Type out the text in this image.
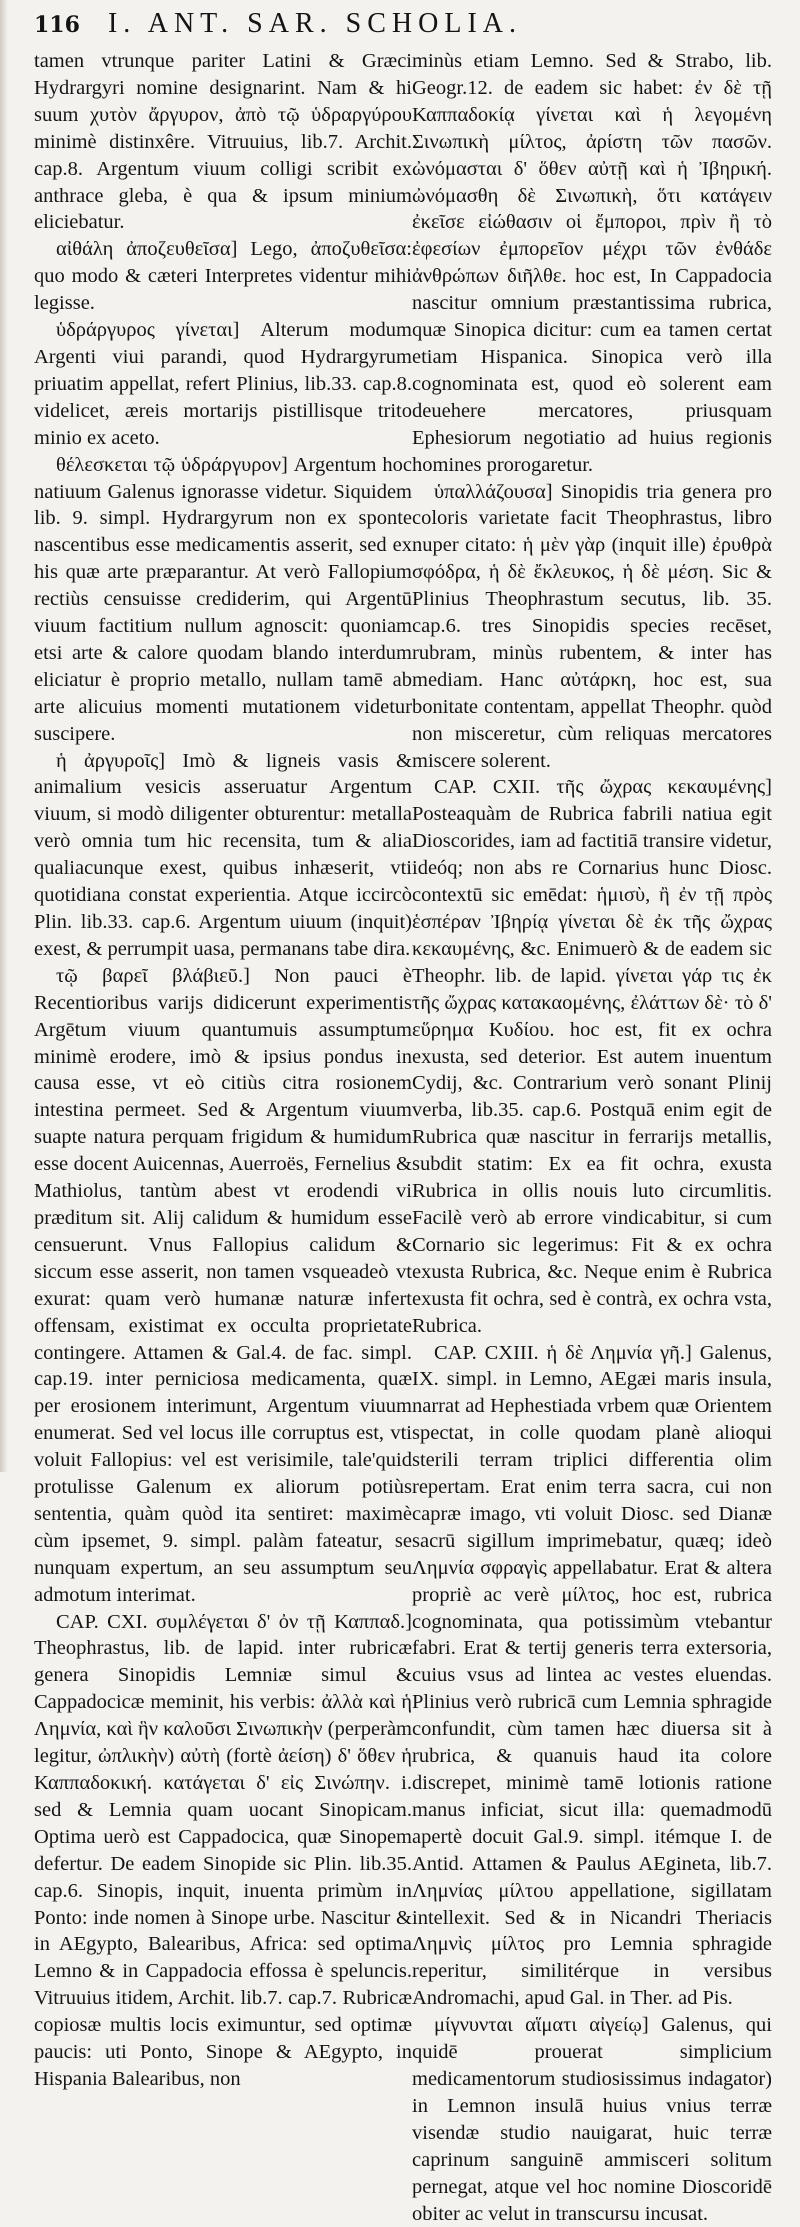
116 I. ANT. SAR. SCHOLIA.

tamen vtrunque pariter Latini & Græci Hydrargyri nomine designarint. Nam & hi suum χυτὸν ἄργυρον, ἀπὸ τῷ ὑδραργύρου minimè distinxêre. Vitruuius, lib.7. Archit. cap.8. Argentum viuum colligi scribit ex anthrace gleba, è qua & ipsum minium eliciebatur.

αἰθάλη ἀποζευθεῖσα] Lego, ἀποζυθεῖσα: quo modo & cæteri Interpretes videntur mihi legisse.

ὑδράργυρος γίνεται] Alterum modum Argenti viui parandi, quod Hydrargyrum priuatim appellat, refert Plinius, lib.33. cap.8. videlicet, æreis mortarijs pistillisque trito minio ex aceto.

θέλεσκεται τῷ ὑδράργυρον] Argentum hoc natiuum Galenus ignorasse videtur. Siquidem lib. 9. simpl. Hydrargyrum non ex sponte nascentibus esse medicamentis asserit, sed ex his quæ arte præparantur. At verò Fallopium rectiùs censuisse crediderim, qui Argentū viuum factitium nullum agnoscit: quoniam etsi arte & calore quodam blando interdum eliciatur è proprio metallo, nullam tamē ab arte alicuius momenti mutationem videtur suscipere.

ἡ ἀργυροῖς] Imò & ligneis vasis & animalium vesicis asseruatur Argentum viuum, si modò diligenter obturentur: metalla verò omnia tum hic recensita, tum & alia qualiacunque exest, quibus inhæserit, vti quotidiana constat experientia. Atque iccircò Plin. lib.33. cap.6. Argentum uiuum (inquit) exest, & perrumpit uasa, permanans tabe dira.

τῷ βαρεῖ βλάβιεῦ.] Non pauci è Recentioribus varijs didicerunt experimentis Argētum viuum quantumuis assumptum minimè erodere, imò & ipsius pondus in causa esse, vt eò citiùs citra rosionem intestina permeet. Sed & Argentum viuum suapte natura perquam frigidum & humidum esse docent Auicennas, Auerroës, Fernelius & Mathiolus, tantùm abest vt erodendi vi præditum sit. Alij calidum & humidum esse censuerunt. Vnus Fallopius calidum & siccum esse asserit, non tamen vsqueadeò vt exurat: quam verò humanæ naturæ infert offensam, existimat ex occulta proprietate contingere. Attamen & Gal.4. de fac. simpl. cap.19. inter perniciosa medicamenta, quæ per erosionem interimunt, Argentum viuum enumerat. Sed vel locus ille corruptus est, vti voluit Fallopius: vel est verisimile, tale'quid protulisse Galenum ex aliorum potiùs sententia, quàm quòd ita sentiret: maximè cùm ipsemet, 9. simpl. palàm fateatur, se nunquam expertum, an seu assumptum seu admotum interimat.

CAP. CXI. συμλέγεται δ' ὀν τῇ Καππαδ.] Theophrastus, lib. de lapid. inter rubricæ genera Sinopidis Lemniæ simul & Cappadocicæ meminit, his verbis: ἀλλὰ καὶ ἡ Λημνία, καὶ ἣν καλοῦσι Σινωπικὴν (perperàm legitur, ὠπλικὴν) αὐτὴ (fortè ἀείση) δ' ὅθεν ἡ Καππαδοκική. κατάγεται δ' εἰς Σινώπην. i. sed & Lemnia quam uocant Sinopicam. Optima uerò est Cappadocica, quæ Sinopem defertur. De eadem Sinopide sic Plin. lib.35. cap.6. Sinopis, inquit, inuenta primùm in Ponto: inde nomen à Sinope urbe. Nascitur & in AEgypto, Balearibus, Africa: sed optima Lemno & in Cappadocia effossa è speluncis. Vitruuius itidem, Archit. lib.7. cap.7. Rubricæ copiosæ multis locis eximuntur, sed optimæ paucis: uti Ponto, Sinope & AEgypto, in Hispania Balearibus, non

minùs etiam Lemno. Sed & Strabo, lib. Geogr.12. de eadem sic habet: ἐν δὲ τῇ Καππαδοκίᾳ γίνεται καὶ ἡ λεγομένη Σινωπικὴ μίλτος, ἀρίστη τῶν πασῶν. ὠνόμασται δ' ὅθεν αὐτῇ καὶ ἡ Ἰβηρική. ὠνόμασθη δὲ Σινωπικὴ, ὅτι κατάγειν ἐκεῖσε εἰώθασιν οἱ ἔμποροι, πρὶν ἢ τὸ ἐφεσίων ἐμπορεῖον μέχρι τῶν ἐνθάδε ἀνθρώπων διῆλθε. hoc est, In Cappadocia nascitur omnium præstantissima rubrica, quæ Sinopica dicitur: cum ea tamen certat etiam Hispanica. Sinopica verò illa cognominata est, quod eò solerent eam deuehere mercatores, priusquam Ephesiorum negotiatio ad huius regionis homines prorogaretur.

ὑπαλλάζουσα] Sinopidis tria genera pro coloris varietate facit Theophrastus, libro nuper citato: ἡ μὲν γὰρ (inquit ille) ἐρυθρὰ σφόδρα, ἡ δὲ ἔκλευκος, ἡ δὲ μέση. Sic & Plinius Theophrastum secutus, lib. 35. cap.6. tres Sinopidis species recēset, rubram, minùs rubentem, & inter has mediam. Hanc αὐτάρκη, hoc est, sua bonitate contentam, appellat Theophr. quòd non misceretur, cùm reliquas mercatores miscere solerent.

CAP. CXII. τῆς ὤχρας κεκαυμένης] Posteaquàm de Rubrica fabrili natiua egit Dioscorides, iam ad factitiā transire videtur, ideóq; non abs re Cornarius hunc Diosc. contextū sic emēdat: ἡμισὺ, ἢ ἐν τῇ πρὸς ἑσπέραν Ἰβηρίᾳ γίνεται δὲ ἐκ τῆς ὤχρας κεκαυμένης, &c. Enimuerò & de eadem sic Theophr. lib. de lapid. γίνεται γάρ τις ἐκ τῆς ὤχρας κατακαομένης, ἐλάττων δὲ· τὸ δ' εὕρημα Κυδίου. hoc est, fit ex ochra exusta, sed deterior. Est autem inuentum Cydij, &c. Contrarium verò sonant Plinij verba, lib.35. cap.6. Postquā enim egit de Rubrica quæ nascitur in ferrarijs metallis, subdit statim: Ex ea fit ochra, exusta Rubrica in ollis nouis luto circumlitis. Facilè verò ab errore vindicabitur, si cum Cornario sic legerimus: Fit & ex ochra exusta Rubrica, &c. Neque enim è Rubrica exusta fit ochra, sed è contrà, ex ochra vsta, Rubrica.

CAP. CXIII. ἡ δὲ Λημνία γῆ.] Galenus, IX. simpl. in Lemno, AEgæi maris insula, narrat ad Hephestiada vrbem quæ Orientem spectat, in colle quodam planè alioqui sterili terram triplici differentia olim repertam. Erat enim terra sacra, cui non capræ imago, vti voluit Diosc. sed Dianæ sacrū sigillum imprimebatur, quæq; ideò Λημνία σφραγὶς appellabatur. Erat & altera propriè ac verè μίλτος, hoc est, rubrica cognominata, qua potissimùm vtebantur fabri. Erat & tertij generis terra extersoria, cuius vsus ad lintea ac vestes eluendas. Plinius verò rubricā cum Lemnia sphragide confundit, cùm tamen hæc diuersa sit à rubrica, & quanuis haud ita colore discrepet, minimè tamē lotionis ratione manus inficiat, sicut illa: quemadmodū apertè docuit Gal.9. simpl. itémque I. de Antid. Attamen & Paulus AEgineta, lib.7. Λημνίας μίλτου appellatione, sigillatam intellexit. Sed & in Nicandri Theriacis Λημνὶς μίλτος pro Lemnia sphragide reperitur, similitérque in versibus Andromachi, apud Gal. in Ther. ad Pis.

μίγνυνται αἵματι αἰγείῳ] Galenus, qui quidē prouerat simplicium medicamentorum studiosissimus indagator) in Lemnon insulā huius vnius terræ visendæ studio nauigarat, huic terræ caprinum sanguinē ammisceri solitum pernegat, atque vel hoc nomine Dioscoridē obiter ac velut in transcursu incusat.
